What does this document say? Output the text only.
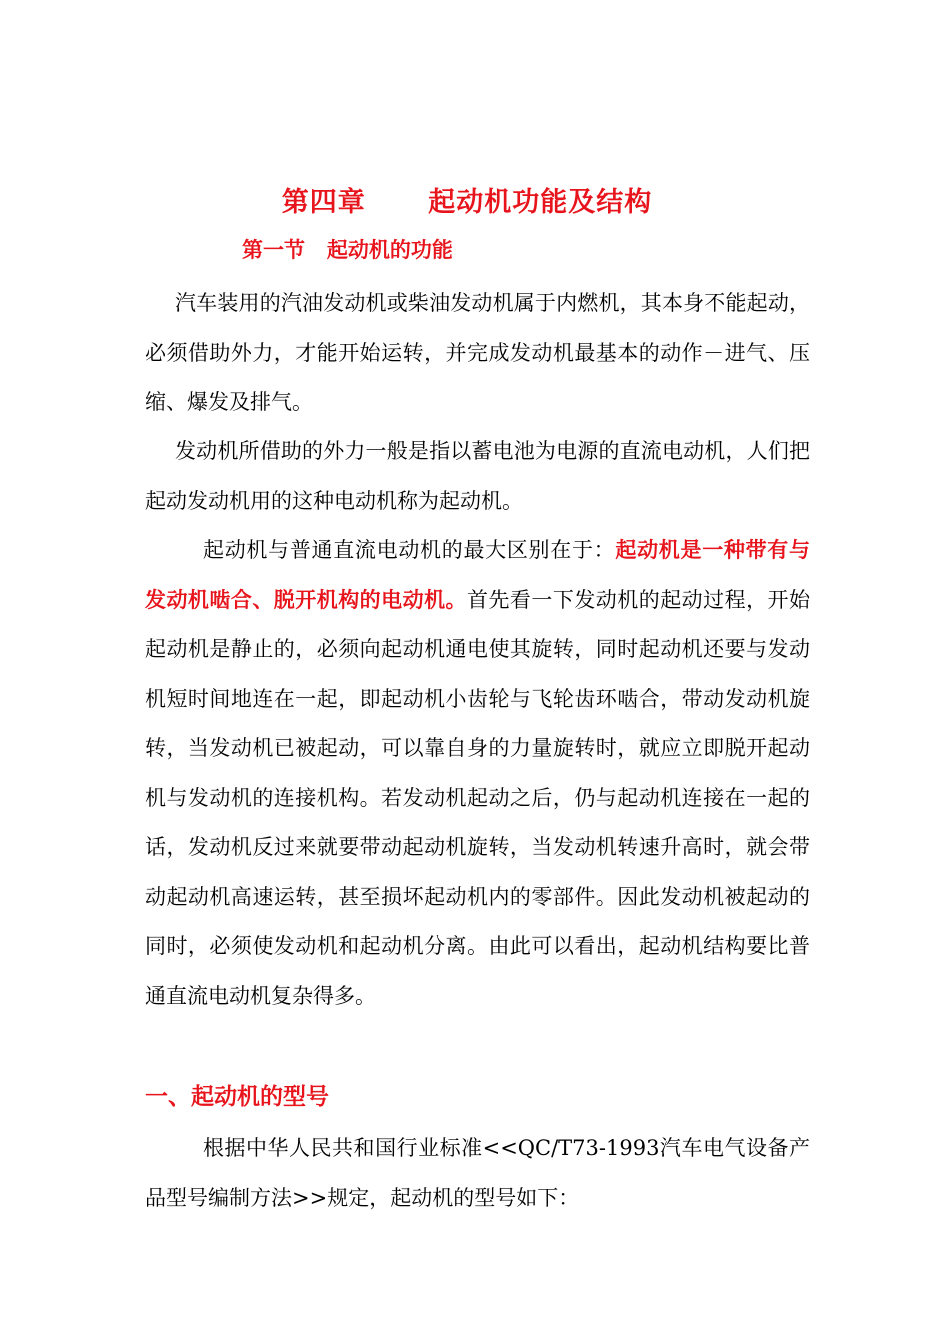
第四章      起动机功能及结构
第一节   起动机的功能

汽车装用的汽油发动机或柴油发动机属于内燃机，其本身不能起动，必须借助外力，才能开始运转，并完成发动机最基本的动作－进气、压缩、爆发及排气。

发动机所借助的外力一般是指以蓄电池为电源的直流电动机，人们把起动发动机用的这种电动机称为起动机。

起动机与普通直流电动机的最大区别在于：起动机是一种带有与发动机啮合、脱开机构的电动机。首先看一下发动机的起动过程，开始起动机是静止的，必须向起动机通电使其旋转，同时起动机还要与发动机短时间地连在一起，即起动机小齿轮与飞轮齿环啮合，带动发动机旋转，当发动机已被起动，可以靠自身的力量旋转时，就应立即脱开起动机与发动机的连接机构。若发动机起动之后，仍与起动机连接在一起的话，发动机反过来就要带动起动机旋转，当发动机转速升高时，就会带动起动机高速运转，甚至损坏起动机内的零部件。因此发动机被起动的同时，必须使发动机和起动机分离。由此可以看出，起动机结构要比普通直流电动机复杂得多。

一、起动机的型号

根据中华人民共和国行业标准<<QC/T73-1993汽车电气设备产品型号编制方法>>规定，起动机的型号如下：
